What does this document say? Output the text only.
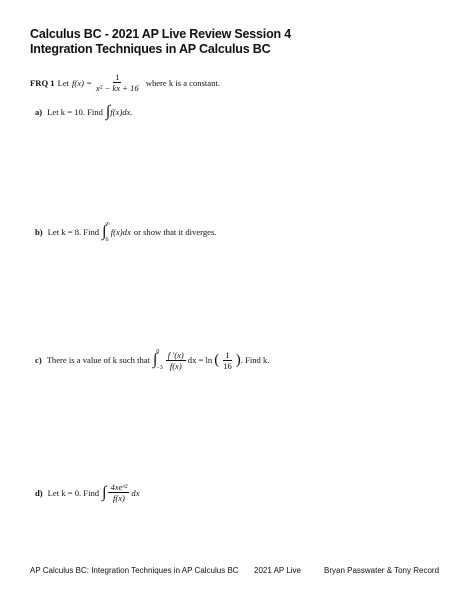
Calculus BC - 2021 AP Live Review Session 4
Integration Techniques in AP Calculus BC
FRQ 1 Let $f(x) = \frac{1}{\text{x² − kx + 16}}$ where k is a constant.
a) Let k = 10. Find ∫ f(x)dx.
b) Let k = 8. Find ∫ ∞
6
f(x)dx or show that it diverges.
c) There is a value of k such that ∫ 0
$-3 \frac{f '(x)}{f(x)}$ dx = ln ( $\frac{1}{16}$ ) . Find k.
d) Let k = 0. Find ∫ $\frac{\text{4xeˣ²}}{f(x)}$ dx
AP Calculus BC: Integration Techniques in AP Calculus BC 2021 AP Live	Bryan Passwater & Tony Record
